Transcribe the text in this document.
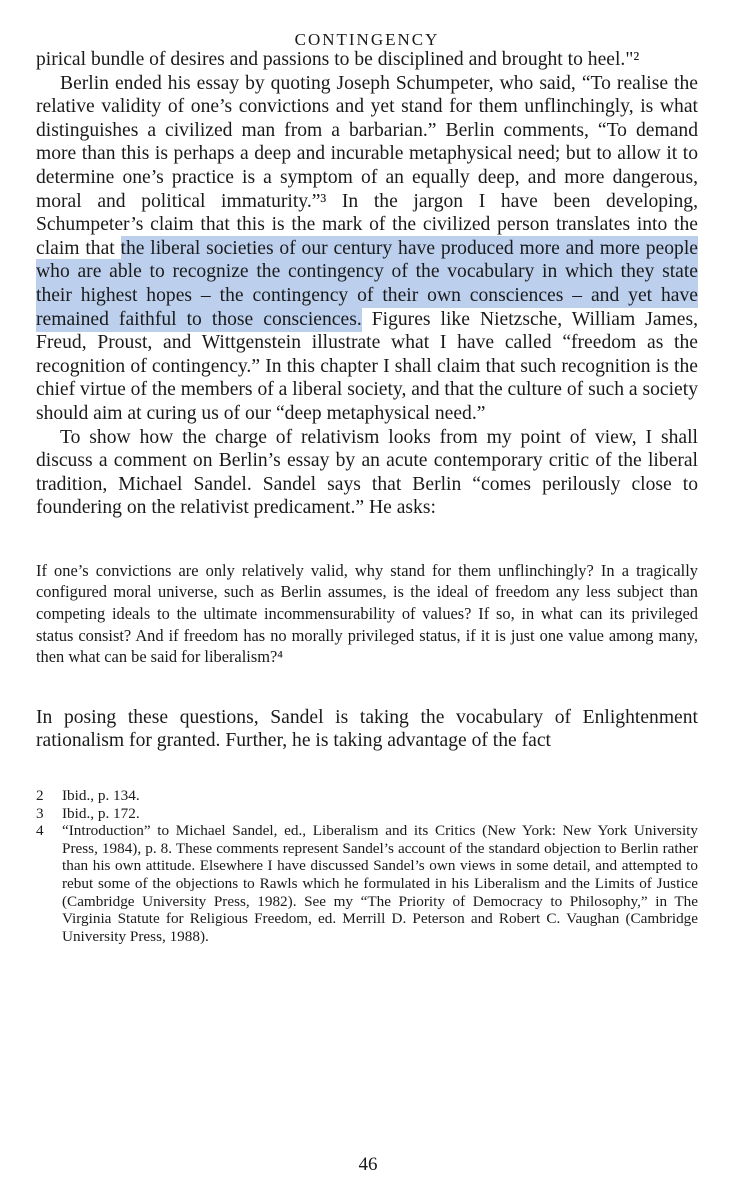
CONTINGENCY

pirical bundle of desires and passions to be disciplined and brought to heel."²

Berlin ended his essay by quoting Joseph Schumpeter, who said, “To realise the relative validity of one’s convictions and yet stand for them unflinchingly, is what distinguishes a civilized man from a barbarian.” Berlin comments, “To demand more than this is perhaps a deep and incurable metaphysical need; but to allow it to determine one’s practice is a symptom of an equally deep, and more dangerous, moral and political immaturity.”³ In the jargon I have been developing, Schumpeter’s claim that this is the mark of the civilized person translates into the claim that the liberal societies of our century have produced more and more people who are able to recognize the contingency of the vocabulary in which they state their highest hopes – the contingency of their own consciences – and yet have remained faithful to those consciences. Figures like Nietzsche, William James, Freud, Proust, and Wittgenstein illustrate what I have called “freedom as the recognition of contingency.” In this chapter I shall claim that such recognition is the chief virtue of the members of a liberal society, and that the culture of such a society should aim at curing us of our “deep metaphysical need.”

To show how the charge of relativism looks from my point of view, I shall discuss a comment on Berlin’s essay by an acute contemporary critic of the liberal tradition, Michael Sandel. Sandel says that Berlin “comes perilously close to foundering on the relativist predicament.” He asks:

If one’s convictions are only relatively valid, why stand for them unflinchingly? In a tragically configured moral universe, such as Berlin assumes, is the ideal of freedom any less subject than competing ideals to the ultimate incommensurability of values? If so, in what can its privileged status consist? And if freedom has no morally privileged status, if it is just one value among many, then what can be said for liberalism?⁴

In posing these questions, Sandel is taking the vocabulary of Enlightenment rationalism for granted. Further, he is taking advantage of the fact

2	Ibid., p. 134.
3	Ibid., p. 172.
4	“Introduction” to Michael Sandel, ed., Liberalism and its Critics (New York: New York University Press, 1984), p. 8. These comments represent Sandel’s account of the standard objection to Berlin rather than his own attitude. Elsewhere I have discussed Sandel’s own views in some detail, and attempted to rebut some of the objections to Rawls which he formulated in his Liberalism and the Limits of Justice (Cambridge University Press, 1982). See my “The Priority of Democracy to Philosophy,” in The Virginia Statute for Religious Freedom, ed. Merrill D. Peterson and Robert C. Vaughan (Cambridge University Press, 1988).
46
